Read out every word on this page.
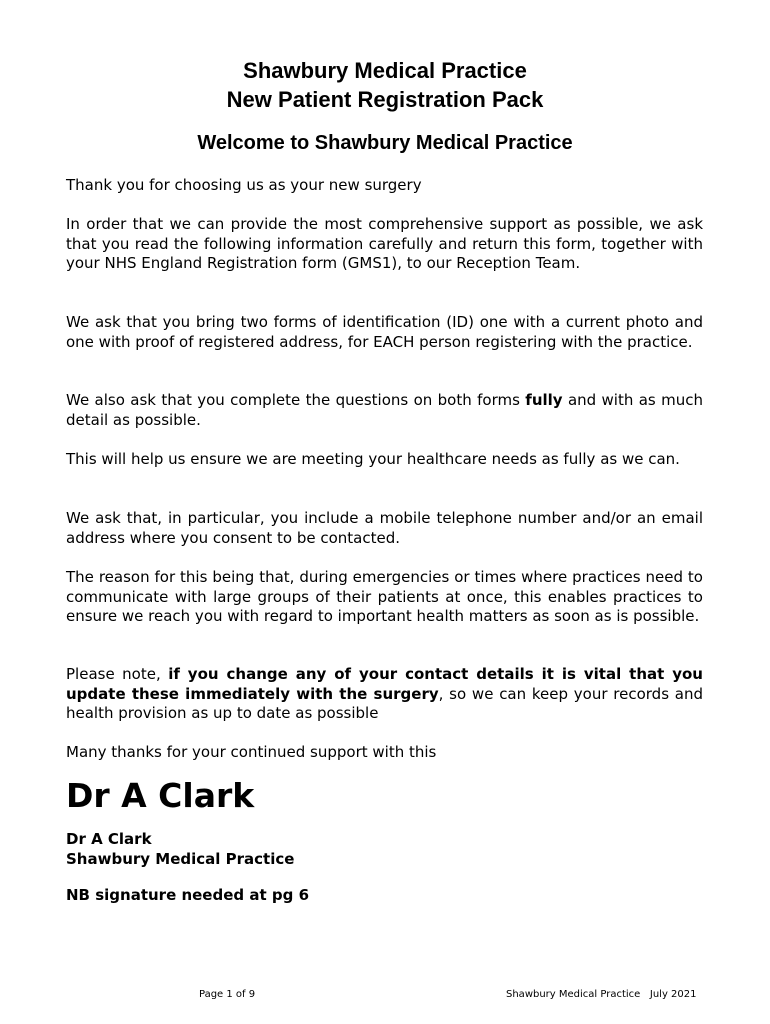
Shawbury Medical Practice
New Patient Registration Pack
Welcome to Shawbury Medical Practice

Thank you for choosing us as your new surgery

In order that we can provide the most comprehensive support as possible, we ask that you read the following information carefully and return this form, together with your NHS England Registration form (GMS1), to our Reception Team.

We ask that you bring two forms of identification (ID) one with a current photo and one with proof of registered address, for EACH person registering with the practice.

We also ask that you complete the questions on both forms fully and with as much detail as possible.

This will help us ensure we are meeting your healthcare needs as fully as we can.

We ask that, in particular, you include a mobile telephone number and/or an email address where you consent to be contacted.

The reason for this being that, during emergencies or times where practices need to communicate with large groups of their patients at once, this enables practices to ensure we reach you with regard to important health matters as soon as is possible.

Please note, if you change any of your contact details it is vital that you update these immediately with the surgery, so we can keep your records and health provision as up to date as possible

Many thanks for your continued support with this

Dr A Clark
Dr A Clark
Shawbury Medical Practice
NB signature needed at pg 6
Page 1 of 9	Shawbury Medical Practice July 2021
